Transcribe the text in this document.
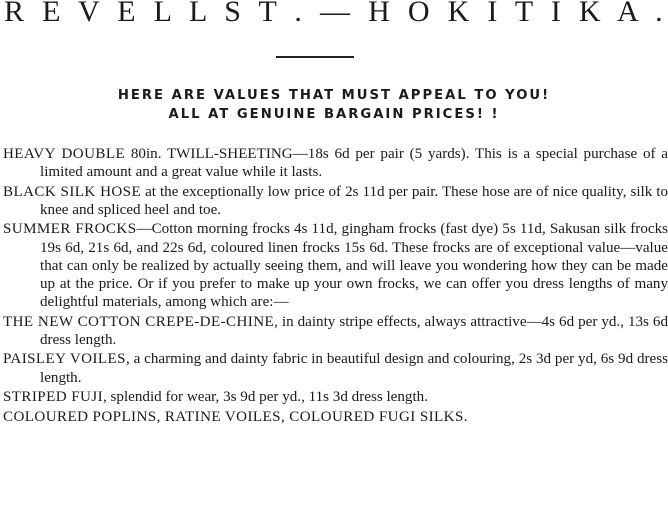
R E V E L L S T . — H O K I T I K A .
HERE ARE VALUES THAT MUST APPEAL TO YOU!
ALL AT GENUINE BARGAIN PRICES! !

HEAVY DOUBLE 80in. TWILL-SHEETING—18s 6d per pair (5 yards). This is a special purchase of a limited amount and a great value while it lasts.

BLACK SILK HOSE at the exceptionally low price of 2s 11d per pair. These hose are of nice quality, silk to knee and spliced heel and toe.

SUMMER FROCKS—Cotton morning frocks 4s 11d, gingham frocks (fast dye) 5s 11d, Sakusan silk frocks 19s 6d, 21s 6d, and 22s 6d, coloured linen frocks 15s 6d. These frocks are of exceptional value—value that can only be realized by actually seeing them, and will leave you wondering how they can be made up at the price. Or if you prefer to make up your own frocks, we can offer you dress lengths of many delightful materials, among which are:—

THE NEW COTTON CREPE-DE-CHINE, in dainty stripe effects, always attractive—4s 6d per yd., 13s 6d dress length.

PAISLEY VOILES, a charming and dainty fabric in beautiful design and colouring, 2s 3d per yd, 6s 9d dress length.

STRIPED FUJI, splendid for wear, 3s 9d per yd., 11s 3d dress length.

COLOURED POPLINS, RATINE VOILES, COLOURED FUGI SILKS.
